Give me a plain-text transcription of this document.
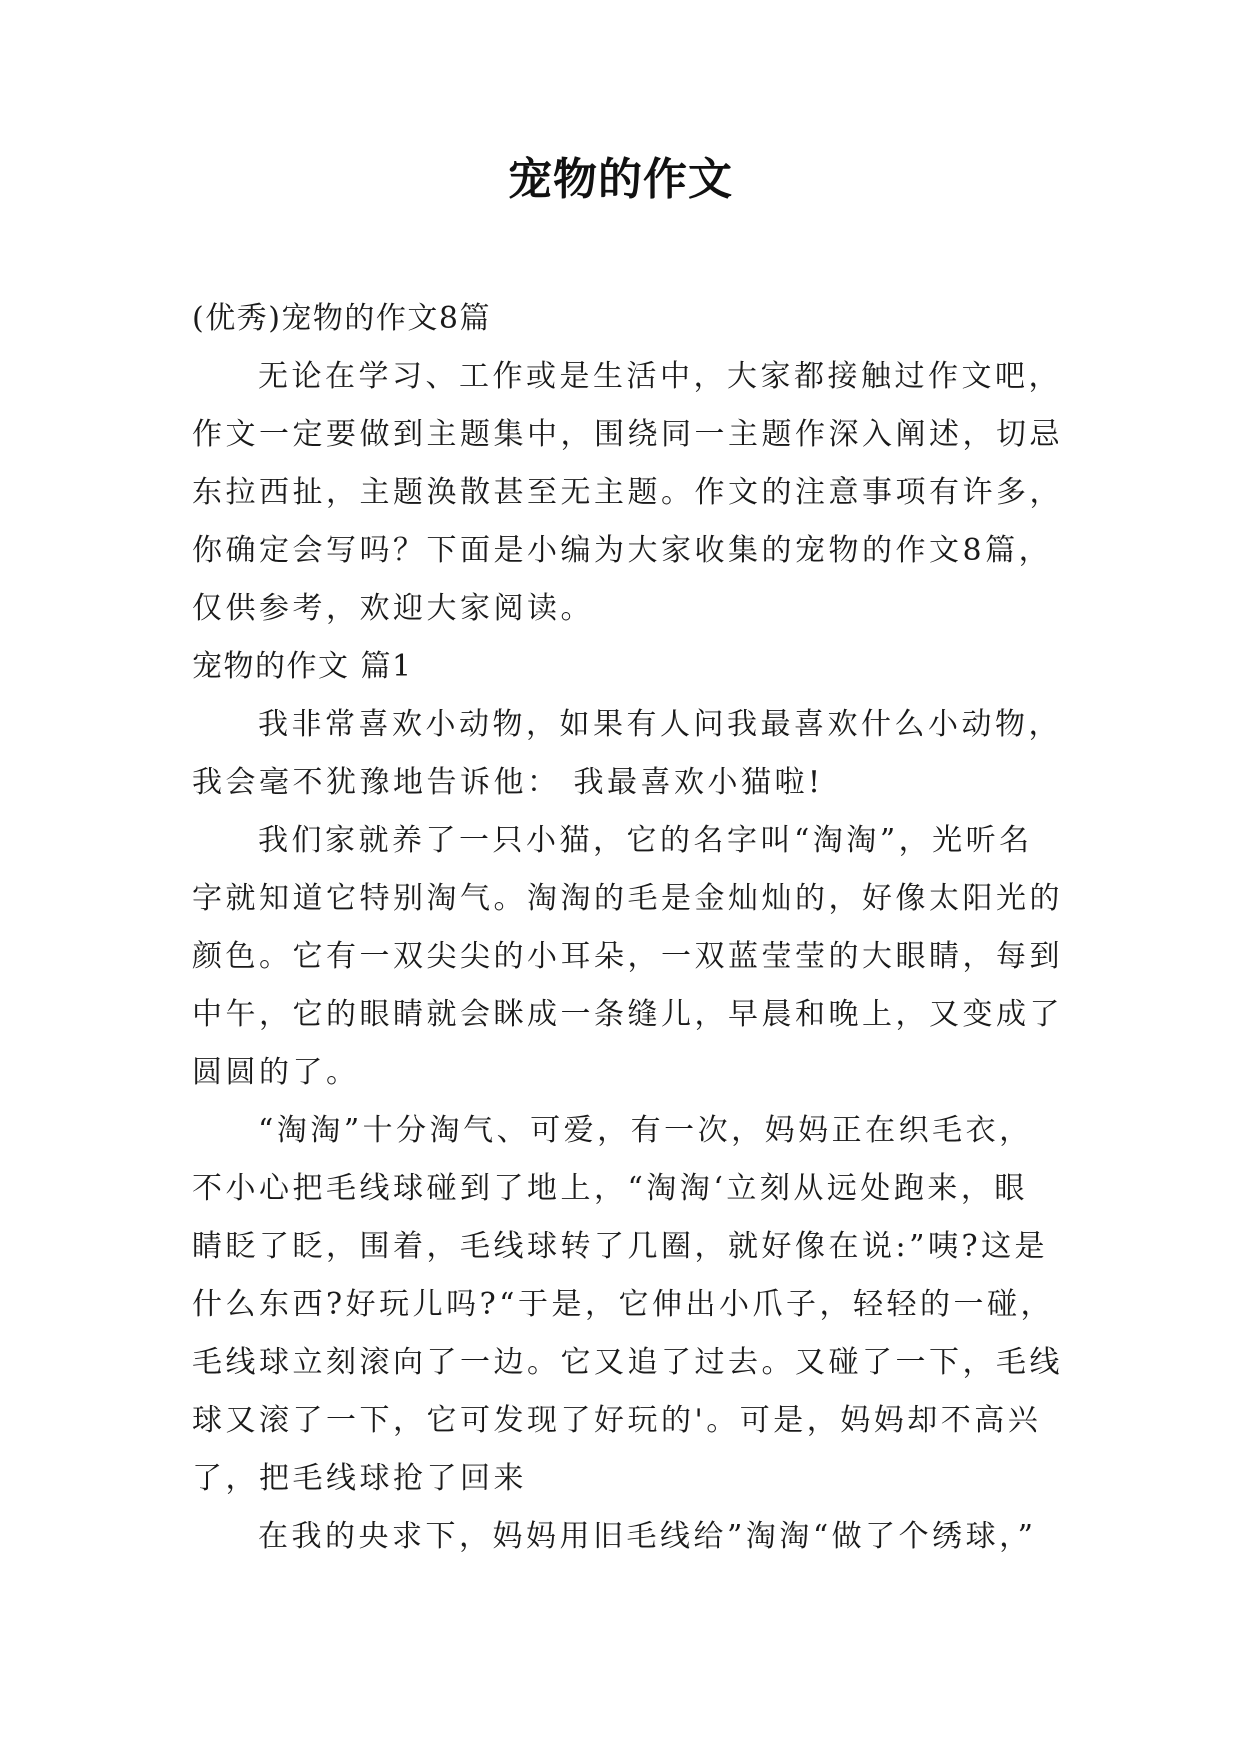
宠物的作文
(优秀)宠物的作文8篇
无论在学习、工作或是生活中，大家都接触过作文吧，
作文一定要做到主题集中，围绕同一主题作深入阐述，切忌
东拉西扯，主题涣散甚至无主题。作文的注意事项有许多，
你确定会写吗？下面是小编为大家收集的宠物的作文8篇，
仅供参考，欢迎大家阅读。
宠物的作文 篇1
我非常喜欢小动物，如果有人问我最喜欢什么小动物，
我会毫不犹豫地告诉他： 我最喜欢小猫啦!
我们家就养了一只小猫，它的名字叫“淘淘”，光听名
字就知道它特别淘气。淘淘的毛是金灿灿的，好像太阳光的
颜色。它有一双尖尖的小耳朵，一双蓝莹莹的大眼睛，每到
中午，它的眼睛就会眯成一条缝儿，早晨和晚上，又变成了
圆圆的了。
“淘淘”十分淘气、可爱，有一次，妈妈正在织毛衣，
不小心把毛线球碰到了地上，“淘淘‘立刻从远处跑来，眼
睛眨了眨，围着，毛线球转了几圈，就好像在说:”咦?这是
什么东西?好玩儿吗?“于是，它伸出小爪子，轻轻的一碰，
毛线球立刻滚向了一边。它又追了过去。又碰了一下，毛线
球又滚了一下，它可发现了好玩的'。可是，妈妈却不高兴
了，把毛线球抢了回来
在我的央求下，妈妈用旧毛线给”淘淘“做了个绣球，”
